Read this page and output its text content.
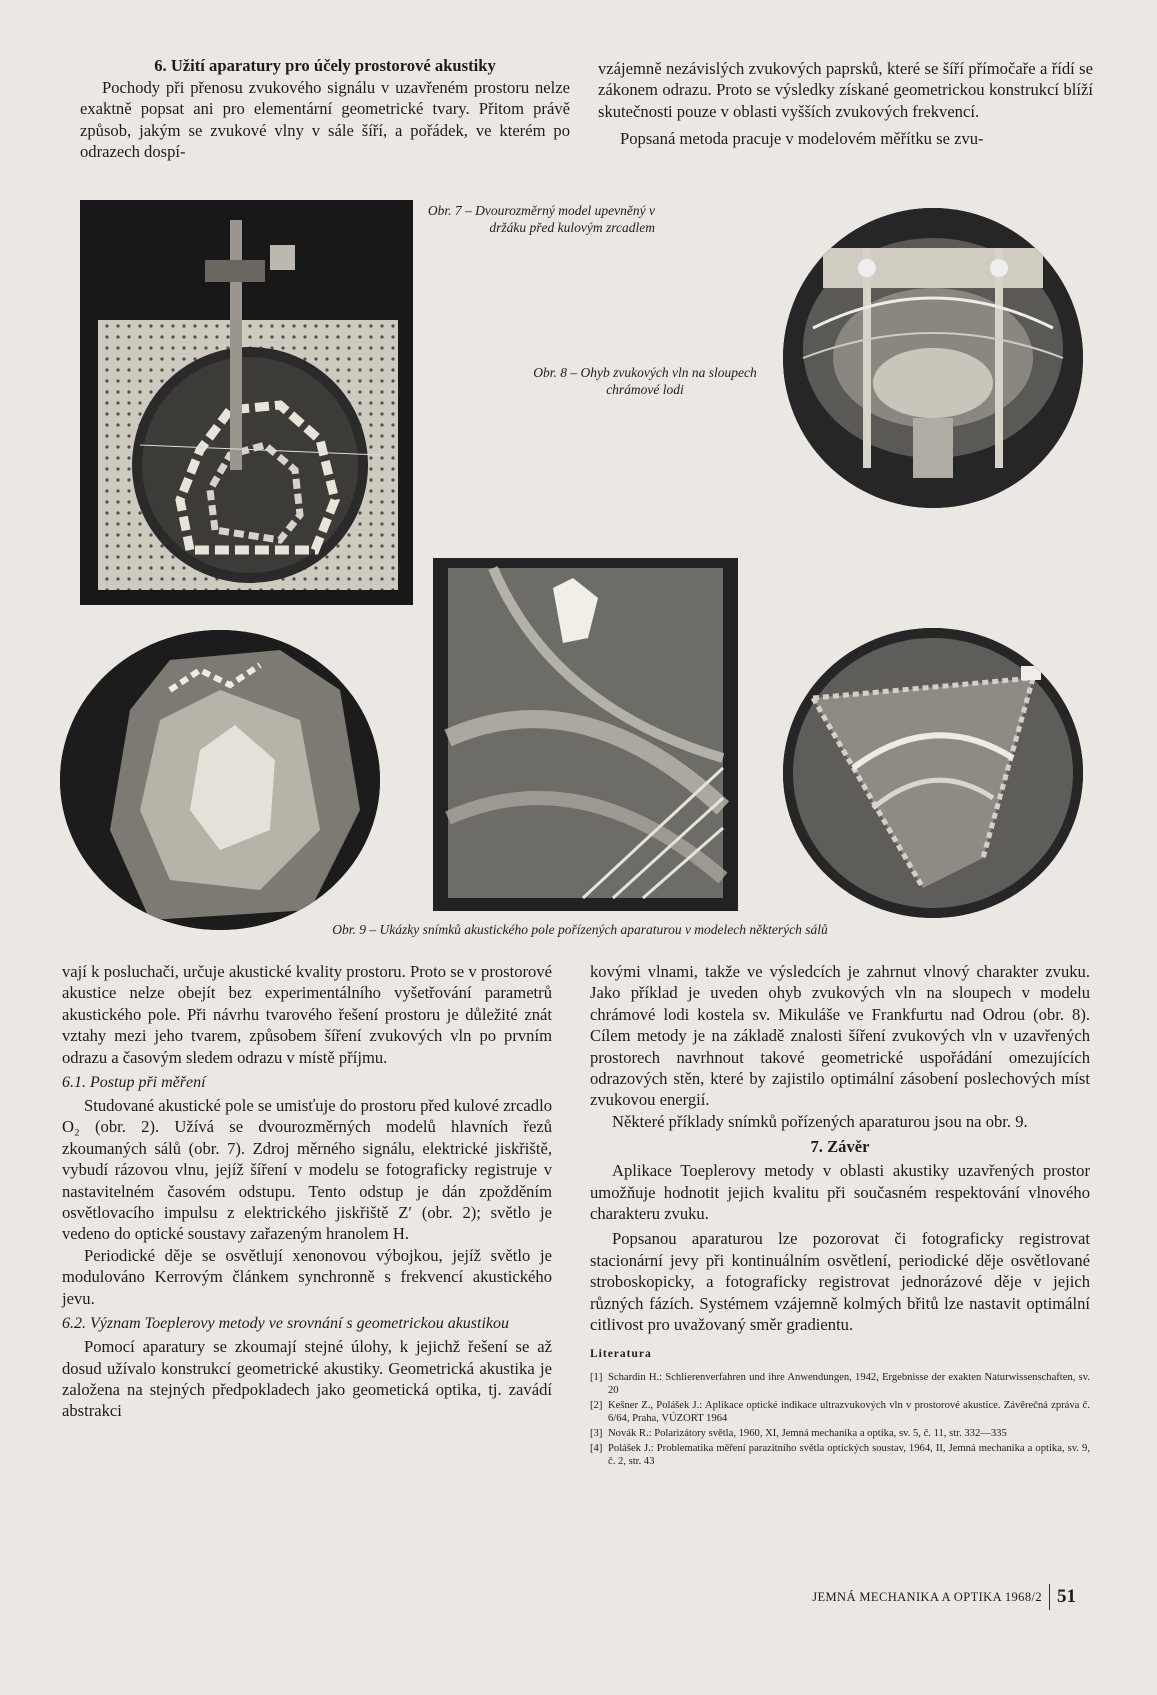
6. Užití aparatury pro účely prostorové akustiky

Pochody při přenosu zvukového signálu v uzavřeném prostoru nelze exaktně popsat ani pro elementární geometrické tvary. Přitom právě způsob, jakým se zvukové vlny v sále šíří, a pořádek, ve kterém po odrazech dospí-

vzájemně nezávislých zvukových paprsků, které se šíří přímočaře a řídí se zákonem odrazu. Proto se výsledky získané geometrickou konstrukcí blíží skutečnosti pouze v oblasti vyšších zvukových frekvencí.

Popsaná metoda pracuje v modelovém měřítku se zvu-

Obr. 7 – Dvourozměrný model upevněný v držáku před kulovým zrcadlem
Obr. 8 – Ohyb zvukových vln na sloupech chrámové lodi
Obr. 9 – Ukázky snímků akustického pole pořízených aparaturou v modelech některých sálů

vají k posluchači, určuje akustické kvality prostoru. Proto se v prostorové akustice nelze obejít bez experimentálního vyšetřování parametrů akustického pole. Při návrhu tvarového řešení prostoru je důležité znát vztahy mezi jeho tvarem, způsobem šíření zvukových vln po prvním odrazu a časovým sledem odrazu v místě příjmu.

6.1. Postup při měření

Studované akustické pole se umisťuje do prostoru před kulové zrcadlo O₂ (obr. 2). Užívá se dvourozměrných modelů hlavních řezů zkoumaných sálů (obr. 7). Zdroj měrného signálu, elektrické jiskřiště, vybudí rázovou vlnu, jejíž šíření v modelu se fotograficky registruje v nastavitelném časovém odstupu. Tento odstup je dán zpožděním osvětlovacího impulsu z elektrického jiskřiště Z′ (obr. 2); světlo je vedeno do optické soustavy zařazeným hranolem H.

Periodické děje se osvětlují xenonovou výbojkou, jejíž světlo je modulováno Kerrovým článkem synchronně s frekvencí akustického jevu.

6.2. Význam Toeplerovy metody ve srovnání s geometrickou akustikou

Pomocí aparatury se zkoumají stejné úlohy, k jejichž řešení se až dosud užívalo konstrukcí geometrické akustiky. Geometrická akustika je založena na stejných předpokladech jako geometická optika, tj. zavádí abstrakci

kovými vlnami, takže ve výsledcích je zahrnut vlnový charakter zvuku. Jako příklad je uveden ohyb zvukových vln na sloupech v modelu chrámové lodi kostela sv. Mikuláše ve Frankfurtu nad Odrou (obr. 8). Cílem metody je na základě znalosti šíření zvukových vln v uzavřených prostorech navrhnout takové geometrické uspořádání omezujících odrazových stěn, které by zajistilo optimální zásobení poslechových míst zvukovou energií.

Některé příklady snímků pořízených aparaturou jsou na obr. 9.

7. Závěr

Aplikace Toeplerovy metody v oblasti akustiky uzavřených prostor umožňuje hodnotit jejich kvalitu při současném respektování vlnového charakteru zvuku.

Popsanou aparaturou lze pozorovat či fotograficky registrovat stacionární jevy při kontinuálním osvětlení, periodické děje osvětlované stroboskopicky, a fotograficky registrovat jednorázové děje v jejich různých fázích. Systémem vzájemně kolmých břitů lze nastavit optimální citlivost pro uvažovaný směr gradientu.

Literatura
[1] Schardin H.: Schlierenverfahren und ihre Anwendungen, 1942, Ergebnisse der exakten Naturwissenschaften, sv. 20
[2] Kešner Z., Polášek J.: Aplikace optické indikace ultrazvukových vln v prostorové akustice. Závěrečná zpráva č. 6/64, Praha, VÚZORT 1964
[3] Novák R.: Polarizátory světla, 1960, XI, Jemná mechanika a optika, sv. 5, č. 11, str. 332—335
[4] Polášek J.: Problematika měření parazitního světla optických soustav, 1964, II, Jemná mechanika a optika, sv. 9, č. 2, str. 43
JEMNÁ MECHANIKA A OPTIKA 1968/2 51
